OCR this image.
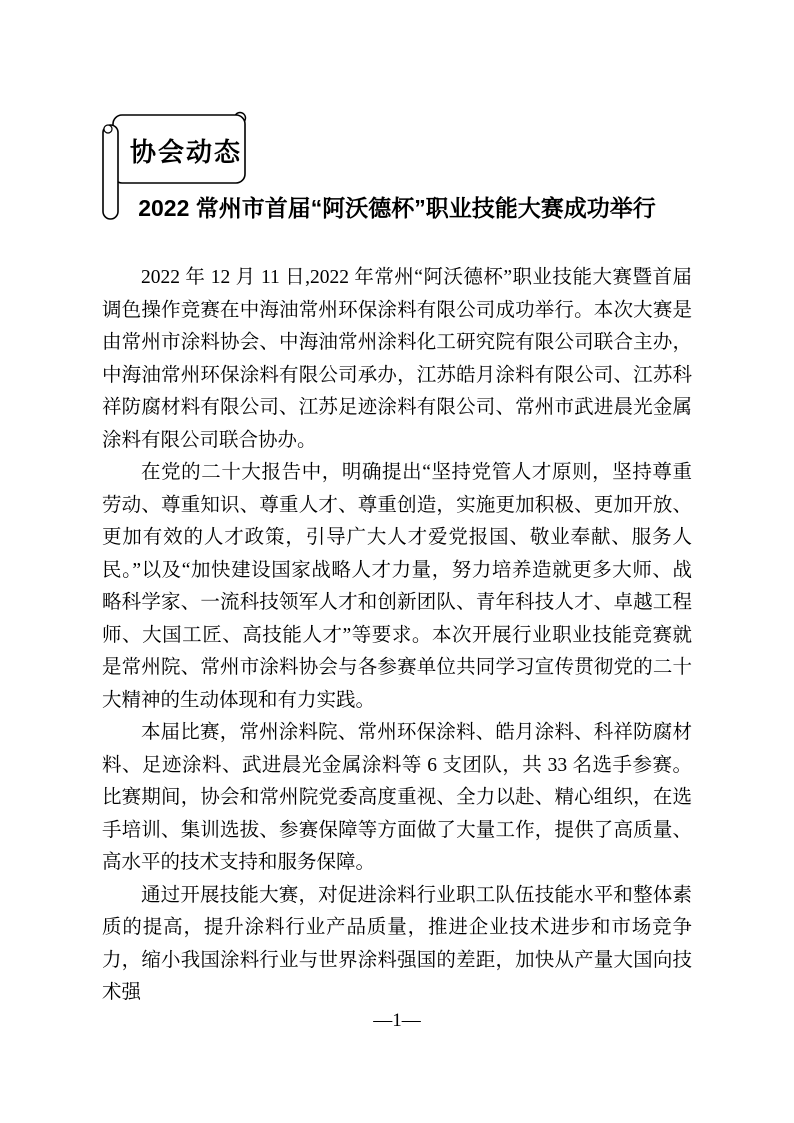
协会动态
2022 常州市首届“阿沃德杯”职业技能大赛成功举行

2022 年 12 月 11 日,2022 年常州“阿沃德杯”职业技能大赛暨首届调色操作竞赛在中海油常州环保涂料有限公司成功举行。本次大赛是由常州市涂料协会、中海油常州涂料化工研究院有限公司联合主办，中海油常州环保涂料有限公司承办，江苏皓月涂料有限公司、江苏科祥防腐材料有限公司、江苏足迹涂料有限公司、常州市武进晨光金属涂料有限公司联合协办。

在党的二十大报告中，明确提出“坚持党管人才原则，坚持尊重劳动、尊重知识、尊重人才、尊重创造，实施更加积极、更加开放、更加有效的人才政策，引导广大人才爱党报国、敬业奉献、服务人民。”以及“加快建设国家战略人才力量，努力培养造就更多大师、战略科学家、一流科技领军人才和创新团队、青年科技人才、卓越工程师、大国工匠、高技能人才”等要求。本次开展行业职业技能竞赛就是常州院、常州市涂料协会与各参赛单位共同学习宣传贯彻党的二十大精神的生动体现和有力实践。

本届比赛，常州涂料院、常州环保涂料、皓月涂料、科祥防腐材料、足迹涂料、武进晨光金属涂料等 6 支团队，共 33 名选手参赛。比赛期间，协会和常州院党委高度重视、全力以赴、精心组织，在选手培训、集训选拔、参赛保障等方面做了大量工作，提供了高质量、高水平的技术支持和服务保障。

通过开展技能大赛，对促进涂料行业职工队伍技能水平和整体素质的提高，提升涂料行业产品质量，推进企业技术进步和市场竞争力，缩小我国涂料行业与世界涂料强国的差距，加快从产量大国向技术强

—1—
